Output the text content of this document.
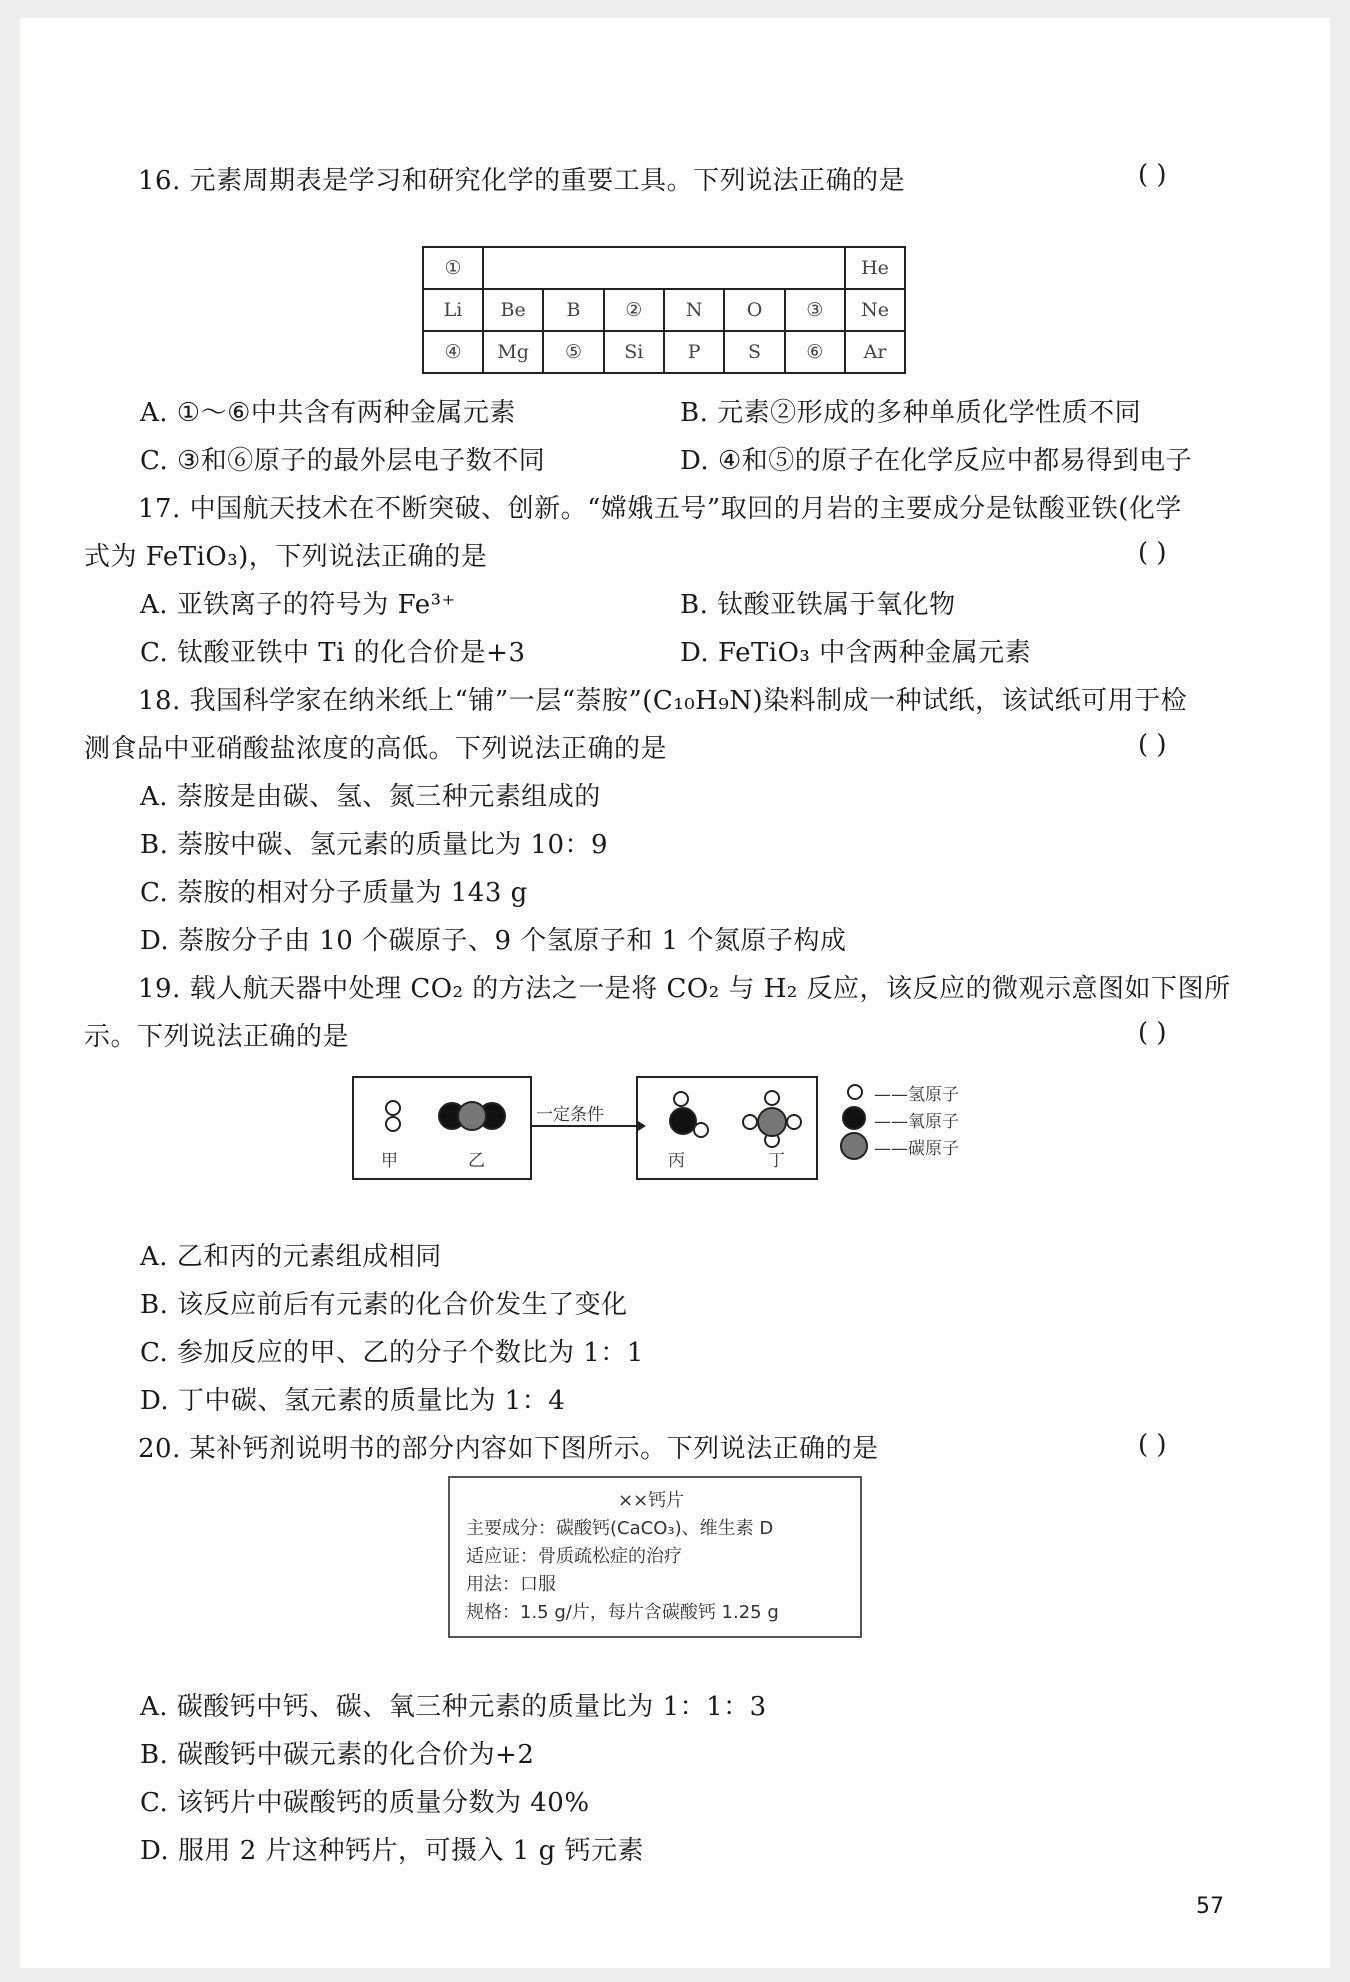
16. 元素周期表是学习和研究化学的重要工具。下列说法正确的是	( )
①							He
Li	Be	B	②	N	O	③	Ne
④	Mg	⑤	Si	P	S	⑥	Ar
A. ①～⑥中共含有两种金属元素	B. 元素②形成的多种单质化学性质不同
C. ③和⑥原子的最外层电子数不同	D. ④和⑤的原子在化学反应中都易得到电子
17. 中国航天技术在不断突破、创新。“嫦娥五号”取回的月岩的主要成分是钛酸亚铁(化学
式为 FeTiO₃)，下列说法正确的是	( )
A. 亚铁离子的符号为 Fe³⁺	B. 钛酸亚铁属于氧化物
C. 钛酸亚铁中 Ti 的化合价是+3	D. FeTiO₃ 中含两种金属元素
18. 我国科学家在纳米纸上“铺”一层“萘胺”(C₁₀H₉N)染料制成一种试纸，该试纸可用于检
测食品中亚硝酸盐浓度的高低。下列说法正确的是	( )
A. 萘胺是由碳、氢、氮三种元素组成的
B. 萘胺中碳、氢元素的质量比为 10：9
C. 萘胺的相对分子质量为 143 g
D. 萘胺分子由 10 个碳原子、9 个氢原子和 1 个氮原子构成
19. 载人航天器中处理 CO₂ 的方法之一是将 CO₂ 与 H₂ 反应，该反应的微观示意图如下图所
示。下列说法正确的是	( )
甲	乙
一定条件
丙	丁
——氢原子
——氧原子
——碳原子
A. 乙和丙的元素组成相同
B. 该反应前后有元素的化合价发生了变化
C. 参加反应的甲、乙的分子个数比为 1：1
D. 丁中碳、氢元素的质量比为 1：4
20. 某补钙剂说明书的部分内容如下图所示。下列说法正确的是	( )
××钙片
主要成分：碳酸钙(CaCO₃)、维生素 D
适应证：骨质疏松症的治疗
用法：口服
规格：1.5 g/片，每片含碳酸钙 1.25 g
A. 碳酸钙中钙、碳、氧三种元素的质量比为 1：1：3
B. 碳酸钙中碳元素的化合价为+2
C. 该钙片中碳酸钙的质量分数为 40%
D. 服用 2 片这种钙片，可摄入 1 g 钙元素
57
